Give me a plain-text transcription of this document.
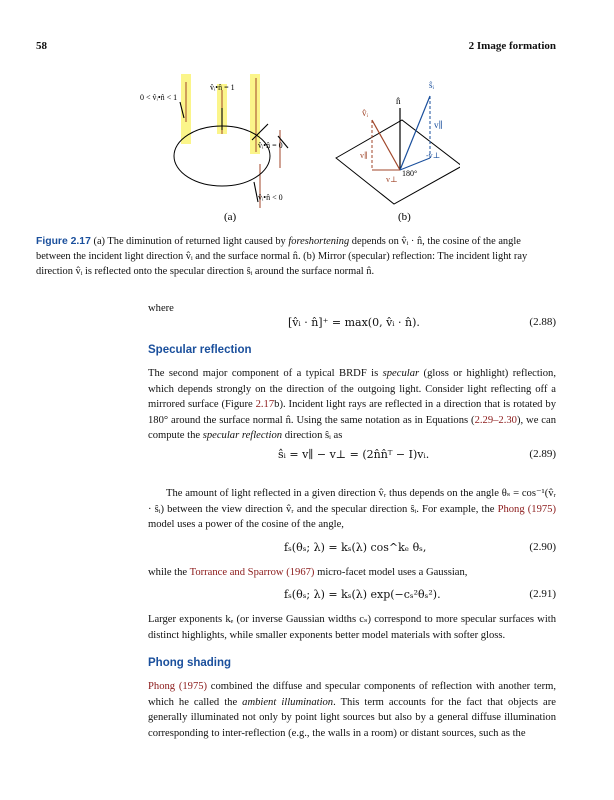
58	2 Image formation
v̂ᵢ•n̂ = 1
0 < v̂ᵢ•n̂ < 1
v̂ᵢ•n̂ = 0
v̂ᵢ•n̂ < 0
ŝᵢ
n̂
v̂ᵢ
v∥
v∥
v⊥
-v⊥
180°
(a)	(b)
Figure 2.17 (a) The diminution of returned light caused by foreshortening depends on v̂ᵢ · n̂, the cosine of the angle between the incident light direction v̂ᵢ and the surface normal n̂. (b) Mirror (specular) reflection: The incident light ray direction v̂ᵢ is reflected onto the specular direction ŝᵢ around the surface normal n̂.
where
[v̂ᵢ · n̂]⁺ = max(0, v̂ᵢ · n̂).	(2.88)
Specular reflection
The second major component of a typical BRDF is specular (gloss or highlight) reflection, which depends strongly on the direction of the outgoing light. Consider light reflecting off a mirrored surface (Figure 2.17b). Incident light rays are reflected in a direction that is rotated by 180° around the surface normal n̂. Using the same notation as in Equations (2.29–2.30), we can compute the specular reflection direction ŝᵢ as
ŝᵢ = v∥ − v⊥ = (2n̂n̂ᵀ − I)vᵢ.	(2.89)
The amount of light reflected in a given direction v̂ᵣ thus depends on the angle θₛ = cos⁻¹(v̂ᵣ · ŝᵢ) between the view direction v̂ᵣ and the specular direction ŝᵢ. For example, the Phong (1975) model uses a power of the cosine of the angle,
fₛ(θₛ; λ) = kₛ(λ) cos^kₑ θₛ,	(2.90)
while the Torrance and Sparrow (1967) micro-facet model uses a Gaussian,
fₛ(θₛ; λ) = kₛ(λ) exp(−cₛ²θₛ²).	(2.91)
Larger exponents kₑ (or inverse Gaussian widths cₛ) correspond to more specular surfaces with distinct highlights, while smaller exponents better model materials with softer gloss.
Phong shading
Phong (1975) combined the diffuse and specular components of reflection with another term, which he called the ambient illumination. This term accounts for the fact that objects are generally illuminated not only by point light sources but also by a general diffuse illumination corresponding to inter-reflection (e.g., the walls in a room) or distant sources, such as the
